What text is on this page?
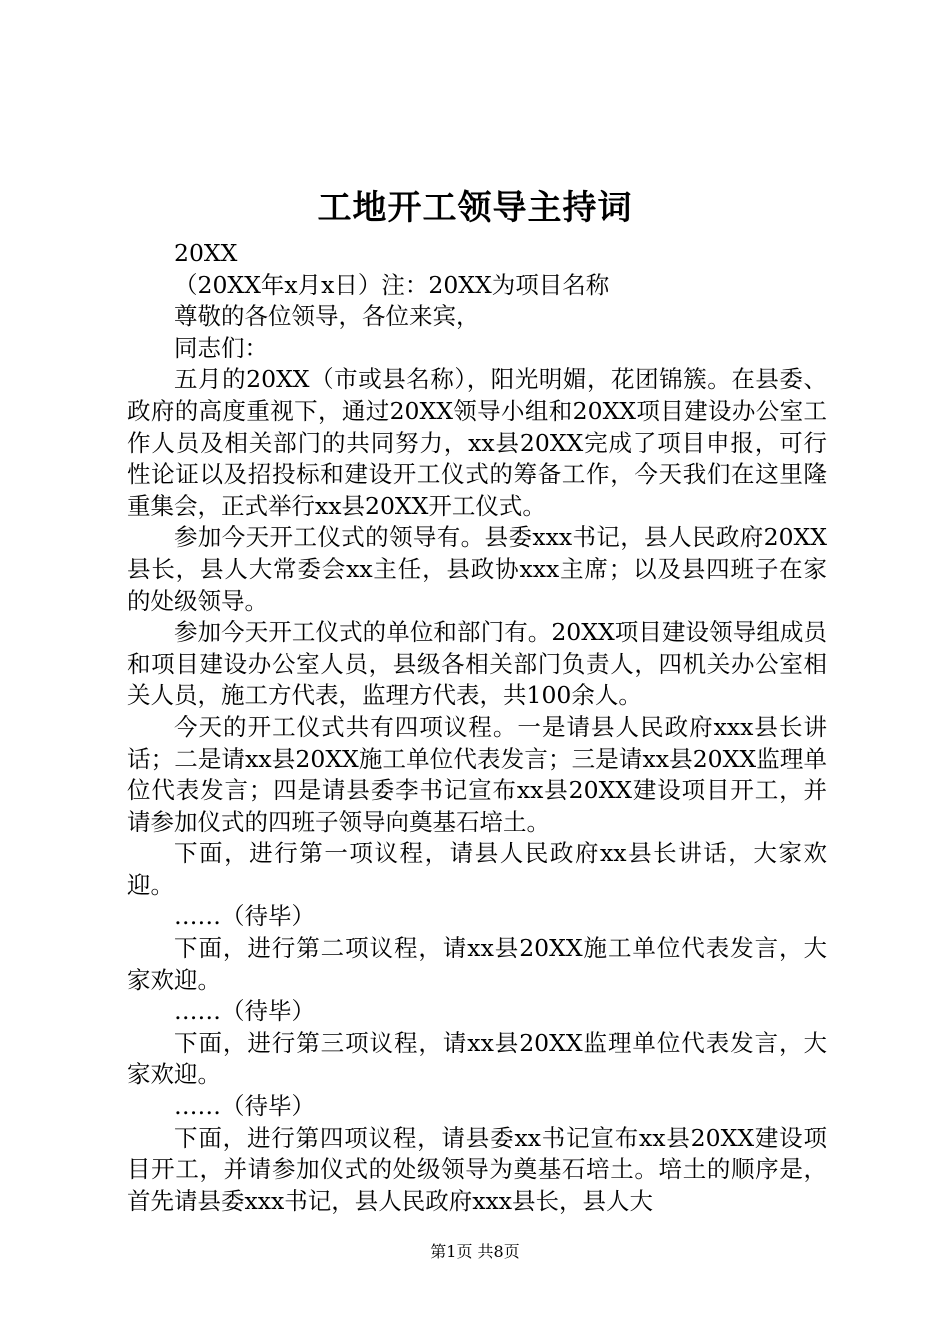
工地开工领导主持词

20XX

（20XX年x月x日）注：20XX为项目名称

尊敬的各位领导，各位来宾，

同志们：

五月的20XX（市或县名称），阳光明媚，花团锦簇。在县委、政府的高度重视下，通过20XX领导小组和20XX项目建设办公室工作人员及相关部门的共同努力，xx县20XX完成了项目申报，可行性论证以及招投标和建设开工仪式的筹备工作，今天我们在这里隆重集会，正式举行xx县20XX开工仪式。

参加今天开工仪式的领导有。县委xxx书记，县人民政府20XX县长，县人大常委会xx主任，县政协xxx主席；以及县四班子在家的处级领导。

参加今天开工仪式的单位和部门有。20XX项目建设领导组成员和项目建设办公室人员，县级各相关部门负责人，四机关办公室相关人员，施工方代表，监理方代表，共100余人。

今天的开工仪式共有四项议程。一是请县人民政府xxx县长讲话；二是请xx县20XX施工单位代表发言；三是请xx县20XX监理单位代表发言；四是请县委李书记宣布xx县20XX建设项目开工，并请参加仪式的四班子领导向奠基石培土。

下面，进行第一项议程，请县人民政府xx县长讲话，大家欢迎。

……（待毕）

下面，进行第二项议程，请xx县20XX施工单位代表发言，大家欢迎。

……（待毕）

下面，进行第三项议程，请xx县20XX监理单位代表发言，大家欢迎。

……（待毕）

下面，进行第四项议程，请县委xx书记宣布xx县20XX建设项目开工，并请参加仪式的处级领导为奠基石培土。培土的顺序是，首先请县委xxx书记，县人民政府xxx县长，县人大

第1页 共8页
